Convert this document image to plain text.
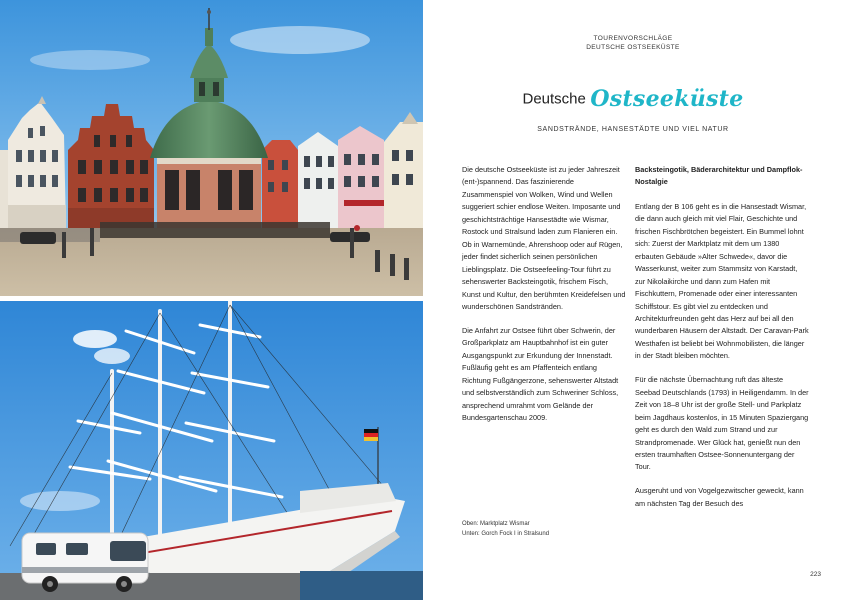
TOURENVORSCHLÄGE
DEUTSCHE OSTSEEKÜSTE
Deutsche Ostseeküste
SANDSTRÄNDE, HANSESTÄDTE UND VIEL NATUR

Die deutsche Ostseeküste ist zu jeder Jahreszeit (ent-)spannend. Das faszinierende Zusammenspiel von Wolken, Wind und Wellen suggeriert schier endlose Weiten. Imposante und geschichtsträchtige Hansestädte wie Wismar, Rostock und Stralsund laden zum Flanieren ein. Ob in Warnemünde, Ahrenshoop oder auf Rügen, jeder findet sicherlich seinen persönlichen Lieblingsplatz. Die Ostseefeeling-Tour führt zu sehenswerter Backsteingotik, frischem Fisch, Kunst und Kultur, den berühmten Kreidefelsen und wunderschönen Sandstränden.

Die Anfahrt zur Ostsee führt über Schwerin, der Großparkplatz am Hauptbahnhof ist ein guter Ausgangspunkt zur Erkundung der Innenstadt. Fußläufig geht es am Pfaffenteich entlang Richtung Fußgängerzone, sehenswerter Altstadt und selbstverständlich zum Schweriner Schloss, ansprechend umrahmt vom Gelände der Bundesgartenschau 2009.

Backsteingotik, Bäderarchitektur und Dampflok-Nostalgie

Entlang der B 106 geht es in die Hansestadt Wismar, die dann auch gleich mit viel Flair, Geschichte und frischen Fischbrötchen begeistert. Ein Bummel lohnt sich: Zuerst der Marktplatz mit dem um 1380 erbauten Gebäude »Alter Schwede«, davor die Wasserkunst, weiter zum Stammsitz von Karstadt, zur Nikolaikirche und dann zum Hafen mit Fischkuttern, Promenade oder einer interessanten Schiffstour. Es gibt viel zu entdecken und Architekturfreunden geht das Herz auf bei all den wunderbaren Häusern der Altstadt. Der Caravan-Park Westhafen ist beliebt bei Wohnmobilisten, die länger in der Stadt bleiben möchten.

Für die nächste Übernachtung ruft das älteste Seebad Deutschlands (1793) in Heiligendamm. In der Zeit von 18–8 Uhr ist der große Stell- und Parkplatz beim Jagdhaus kostenlos, in 15 Minuten Spaziergang geht es durch den Wald zum Strand und zur Strandpromenade. Wer Glück hat, genießt nun den ersten traumhaften Ostsee-Sonnenuntergang der Tour.

Ausgeruht und von Vogelgezwitscher geweckt, kann am nächsten Tag der Besuch des

Oben: Marktplatz Wismar
Unten: Gorch Fock I in Stralsund
223
